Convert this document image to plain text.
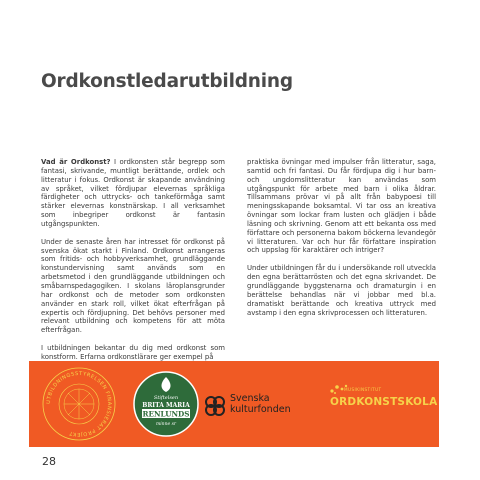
Ordkonstledarutbildning

Vad är Ordkonst? I ordkonsten står begrepp som fantasi, skrivande, muntligt berättande, ordlek och litteratur i fokus. Ordkonst är skapande användning av språket, vilket fördjupar elevernas språkliga färdigheter och uttrycks- och tankeförmåga samt stärker elevernas konstnärskap. I all verksamhet som inbegriper ordkonst är fantasin utgångspunkten.

Under de senaste åren har intresset för ordkonst på svenska ökat starkt i Finland. Ordkonst arrangeras som fritids- och hobbyverksamhet, grundläggande konstundervisning samt används som en arbetsmetod i den grundläggande utbildningen och småbarnspedagogiken. I skolans läroplansgrunder har ordkonst och de metoder som ordkonsten använder en stark roll, vilket ökat efterfrågan på expertis och fördjupning. Det behövs personer med relevant utbildning och kompetens för att möta efterfrågan.

I utbildningen bekantar du dig med ordkonst som konstform. Erfarna ordkonstlärare ger exempel på

praktiska övningar med impulser från litteratur, saga, samtid och fri fantasi. Du får fördjupa dig i hur barn- och ungdomslitteratur kan användas som utgångspunkt för arbete med barn i olika åldrar. Tillsammans prövar vi på allt från babypoesi till meningsskapande boksamtal. Vi tar oss an kreativa övningar som lockar fram lusten och glädjen i både läsning och skrivning. Genom att ett bekanta oss med författare och personerna bakom böckerna levandegör vi litteraturen. Var och hur får författare inspiration och uppslag för karaktärer och intriger?

Under utbildningen får du i undersökande roll utveckla den egna berättarrösten och det egna skrivandet. De grundläggande byggstenarna och dramaturgin i en berättelse behandlas när vi jobbar med bl.a. dramatiskt berättande och kreativa uttryck med avstamp i den egna skrivprocessen och litteraturen.

UTBILDNINGSSTYRELSEN FINANSIERAT PROJEKT
Stiftelsen
BRITA MARIA
RENLUNDS
minne sr
Svenska
kulturfonden
MUSIKINSTITUT
ORDKONSTSKOLA
28
